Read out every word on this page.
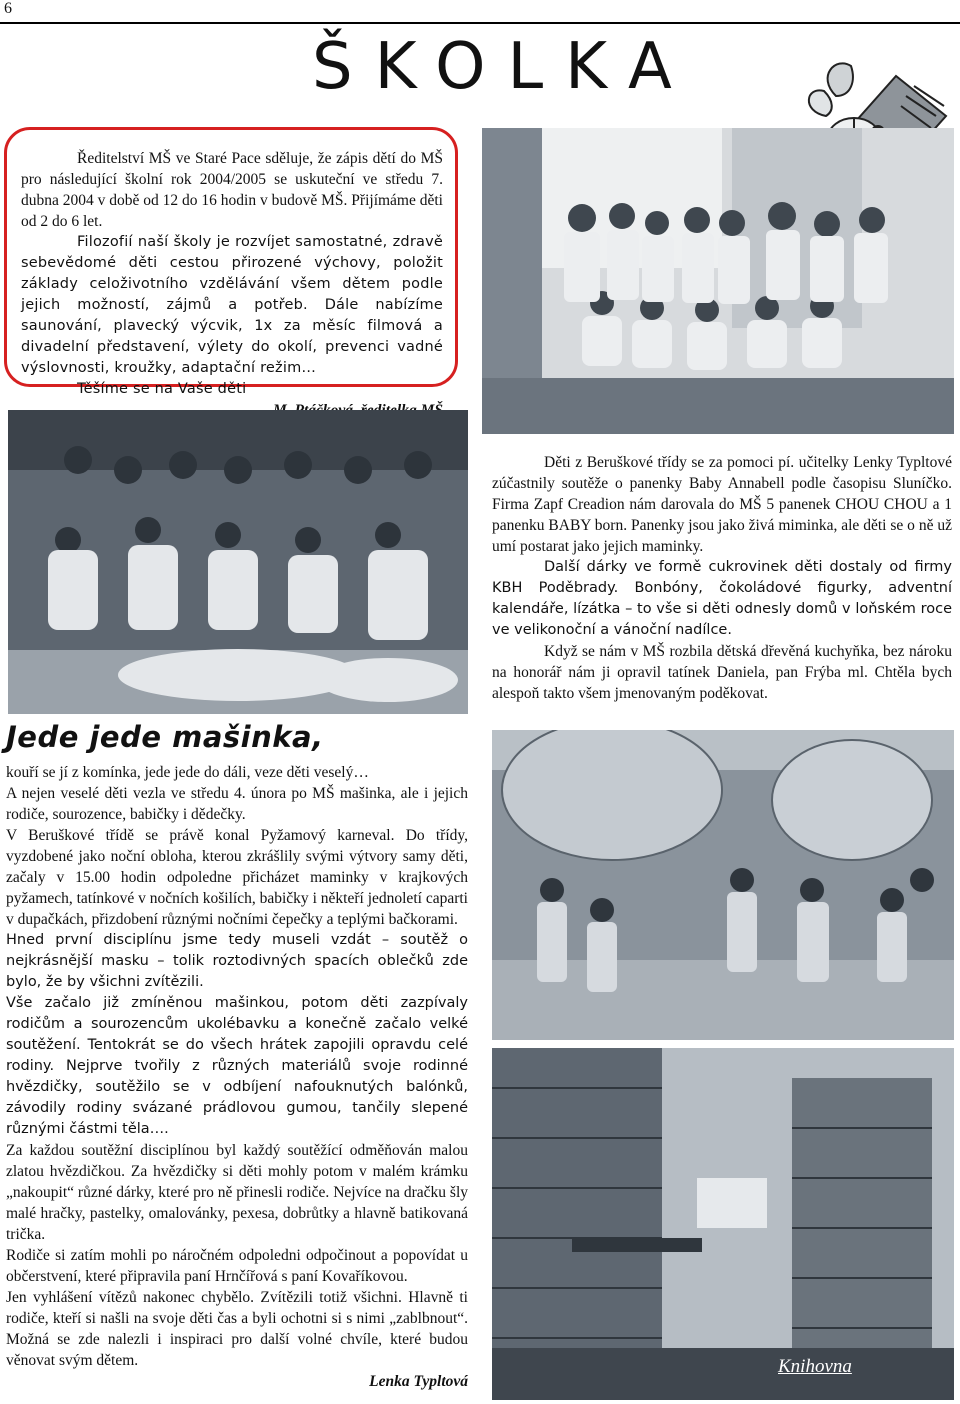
6
ŠKOLKA

Ředitelství MŠ ve Staré Pace sděluje, že zápis dětí do MŠ pro následující školní rok 2004/2005 se uskuteční ve středu 7. dubna 2004 v době od 12 do 16 hodin v budově MŠ. Přijímáme děti od 2 do 6 let.

Filozofií naší školy je rozvíjet samostatné, zdravě sebevědomé děti cestou přirozené výchovy, položit základy celoživotního vzdělávání všem dětem podle jejich možností, zájmů a potřeb. Dále nabízíme saunování, plavecký výcvik, 1x za měsíc filmová a divadelní představení, výlety do okolí, prevenci vadné výslovnosti, kroužky, adaptační režim…

Těšíme se na Vaše děti

Děti z Beruškové třídy se za pomoci pí. učitelky Lenky Typltové zúčastnily soutěže o panenky Baby Annabell podle časopisu Sluníčko. Firma Zapf Creadion nám darovala do MŠ 5 panenek CHOU CHOU a 1 panenku BABY born. Panenky jsou jako živá miminka, ale děti se o ně už umí postarat jako jejich maminky.

Další dárky ve formě cukrovinek děti dostaly od firmy KBH Poděbrady. Bonbóny, čokoládové figurky, adventní kalendáře, lízátka – to vše si děti odnesly domů v loňském roce ve velikonoční a vánoční nadílce.

Když se nám v MŠ rozbila dětská dřevěná kuchyňka, bez nároku na honorář nám ji opravil tatínek Daniela, pan Frýba ml. Chtěla bych alespoň takto všem jmenovaným poděkovat.

Knihovna
Jede jede mašinka,

kouří se jí z komínka, jede jede do dáli, veze děti veselý…

A nejen veselé děti vezla ve středu 4. února po MŠ mašinka, ale i jejich rodiče, sourozence, babičky i dědečky.

V Beruškové třídě se právě konal Pyžamový karneval. Do třídy, vyzdobené jako noční obloha, kterou zkrášlily svými výtvory samy děti, začaly v 15.00 hodin odpoledne přicházet maminky v krajkových pyžamech, tatínkové v nočních košilích, babičky i někteří jednoletí caparti v dupačkách, přizdobení různými nočními čepečky a teplými bačkorami.

Hned první disciplínu jsme tedy museli vzdát – soutěž o nejkrásnější masku – tolik roztodivných spacích oblečků zde bylo, že by všichni zvítězili.

Vše začalo již zmíněnou mašinkou, potom děti zazpívaly rodičům a sourozencům ukolébavku a konečně začalo velké soutěžení. Tentokrát se do všech hrátek zapojili opravdu celé rodiny. Nejprve tvořily z různých materiálů svoje rodinné hvězdičky, soutěžilo se v odbíjení nafouknutých balónků, závodily rodiny svázané prádlovou gumou, tančily slepené různými částmi těla….

Za každou soutěžní disciplínou byl každý soutěžící odměňován malou zlatou hvězdičkou. Za hvězdičky si děti mohly potom v malém krámku „nakoupit“ různé dárky, které pro ně přinesli rodiče. Nejvíce na dračku šly malé hračky, pastelky, omalovánky, pexesa, dobrůtky a hlavně batikovaná trička.

Rodiče si zatím mohli po náročném odpoledni odpočinout a popovídat u občerstvení, které připravila paní Hrnčířová s paní Kovaříkovou.

Jen vyhlášení vítězů nakonec chybělo. Zvítězili totiž všichni. Hlavně ti rodiče, kteří si našli na svoje děti čas a byli ochotni si s nimi „zablbnout“. Možná se zde nalezli i inspiraci pro další volné chvíle, které budou věnovat svým dětem.

Lenka Typltová
